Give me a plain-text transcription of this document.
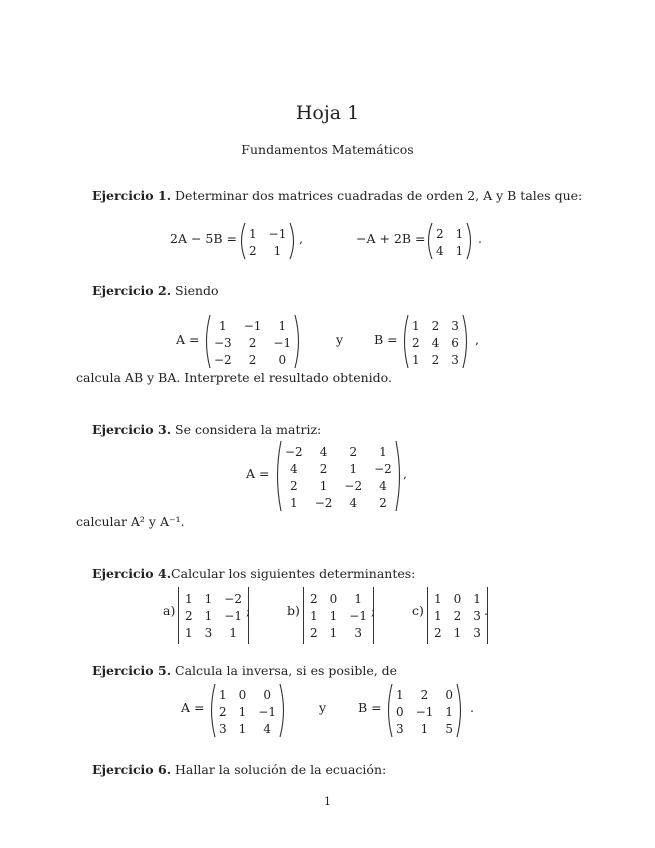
Hoja 1
Fundamentos Matemáticos
Ejercicio 1. Determinar dos matrices cuadradas de orden 2, A y B tales que:
2A − 5B = 1 −1
2	1
,	−A + 2B = 2 1
4 1
.
Ejercicio 2. Siendo
A =
1	−1	1
−3	2	−1
−2	2	0
y B =
1 2 3
2 4 6
1 2 3
,
calcula AB y BA. Interprete el resultado obtenido.
Ejercicio 3. Se considera la matriz:
A =
−2	4	2	1
4	2	1	−2
2	1	−2	4
1	−2	4	2
,
calcular A² y A⁻¹.
Ejercicio 4.Calcular los siguientes determinantes:
a)
1 1 −2
2 1 −1
1 3	1
;	b)
2 0	1
1 1 −1
2 1	3
;	c)
1 0 1
1 2 3
2 1 3
.
Ejercicio 5. Calcula la inversa, si es posible, de
A =
1 0	0
2 1 −1
3 1	4
y	B =
1	2	0
0 −1 1
3	1	5
.
Ejercicio 6. Hallar la solución de la ecuación:
1
